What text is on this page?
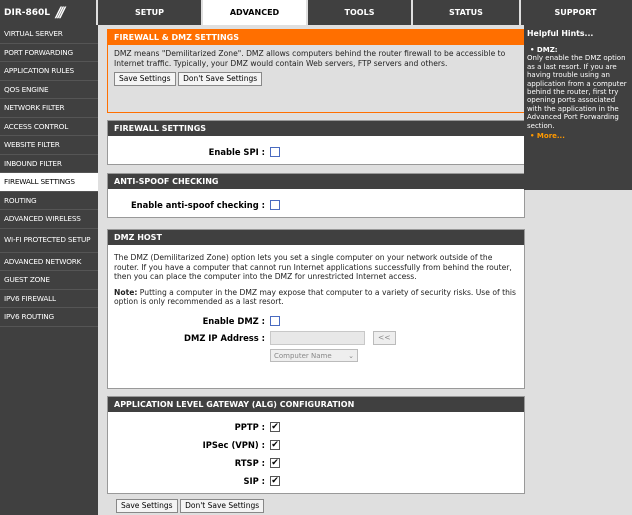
DIR-860L ///	SETUP	ADVANCED	TOOLS	STATUS	SUPPORT
VIRTUAL SERVER
PORT FORWARDING
APPLICATION RULES
QOS ENGINE
NETWORK FILTER
ACCESS CONTROL
WEBSITE FILTER
INBOUND FILTER
FIREWALL SETTINGS
ROUTING
ADVANCED WIRELESS
WI-FI PROTECTED SETUP
ADVANCED NETWORK
GUEST ZONE
IPV6 FIREWALL
IPV6 ROUTING
FIREWALL & DMZ SETTINGS
DMZ means "Demilitarized Zone". DMZ allows computers behind the router firewall to be accessible to Internet traffic. Typically, your DMZ would contain Web servers, FTP servers and others.
Save Settings Don't Save Settings
FIREWALL SETTINGS
Enable SPI :
ANTI-SPOOF CHECKING
Enable anti-spoof checking :
DMZ HOST
The DMZ (Demilitarized Zone) option lets you set a single computer on your network outside of the router. If you have a computer that cannot run Internet applications successfully from behind the router, then you can place the computer into the DMZ for unrestricted Internet access.
Note: Putting a computer in the DMZ may expose that computer to a variety of security risks. Use of this option is only recommended as a last resort.
Enable DMZ :
DMZ IP Address :	<<
Computer Name ⌄
APPLICATION LEVEL GATEWAY (ALG) CONFIGURATION
PPTP : ✔
IPSec (VPN) : ✔
RTSP : ✔
SIP : ✔
Save Settings Don't Save Settings
Helpful Hints...
• DMZ:
Only enable the DMZ option as a last resort. If you are having trouble using an application from a computer behind the router, first try opening ports associated with the application in the Advanced Port Forwarding section.
• More...
